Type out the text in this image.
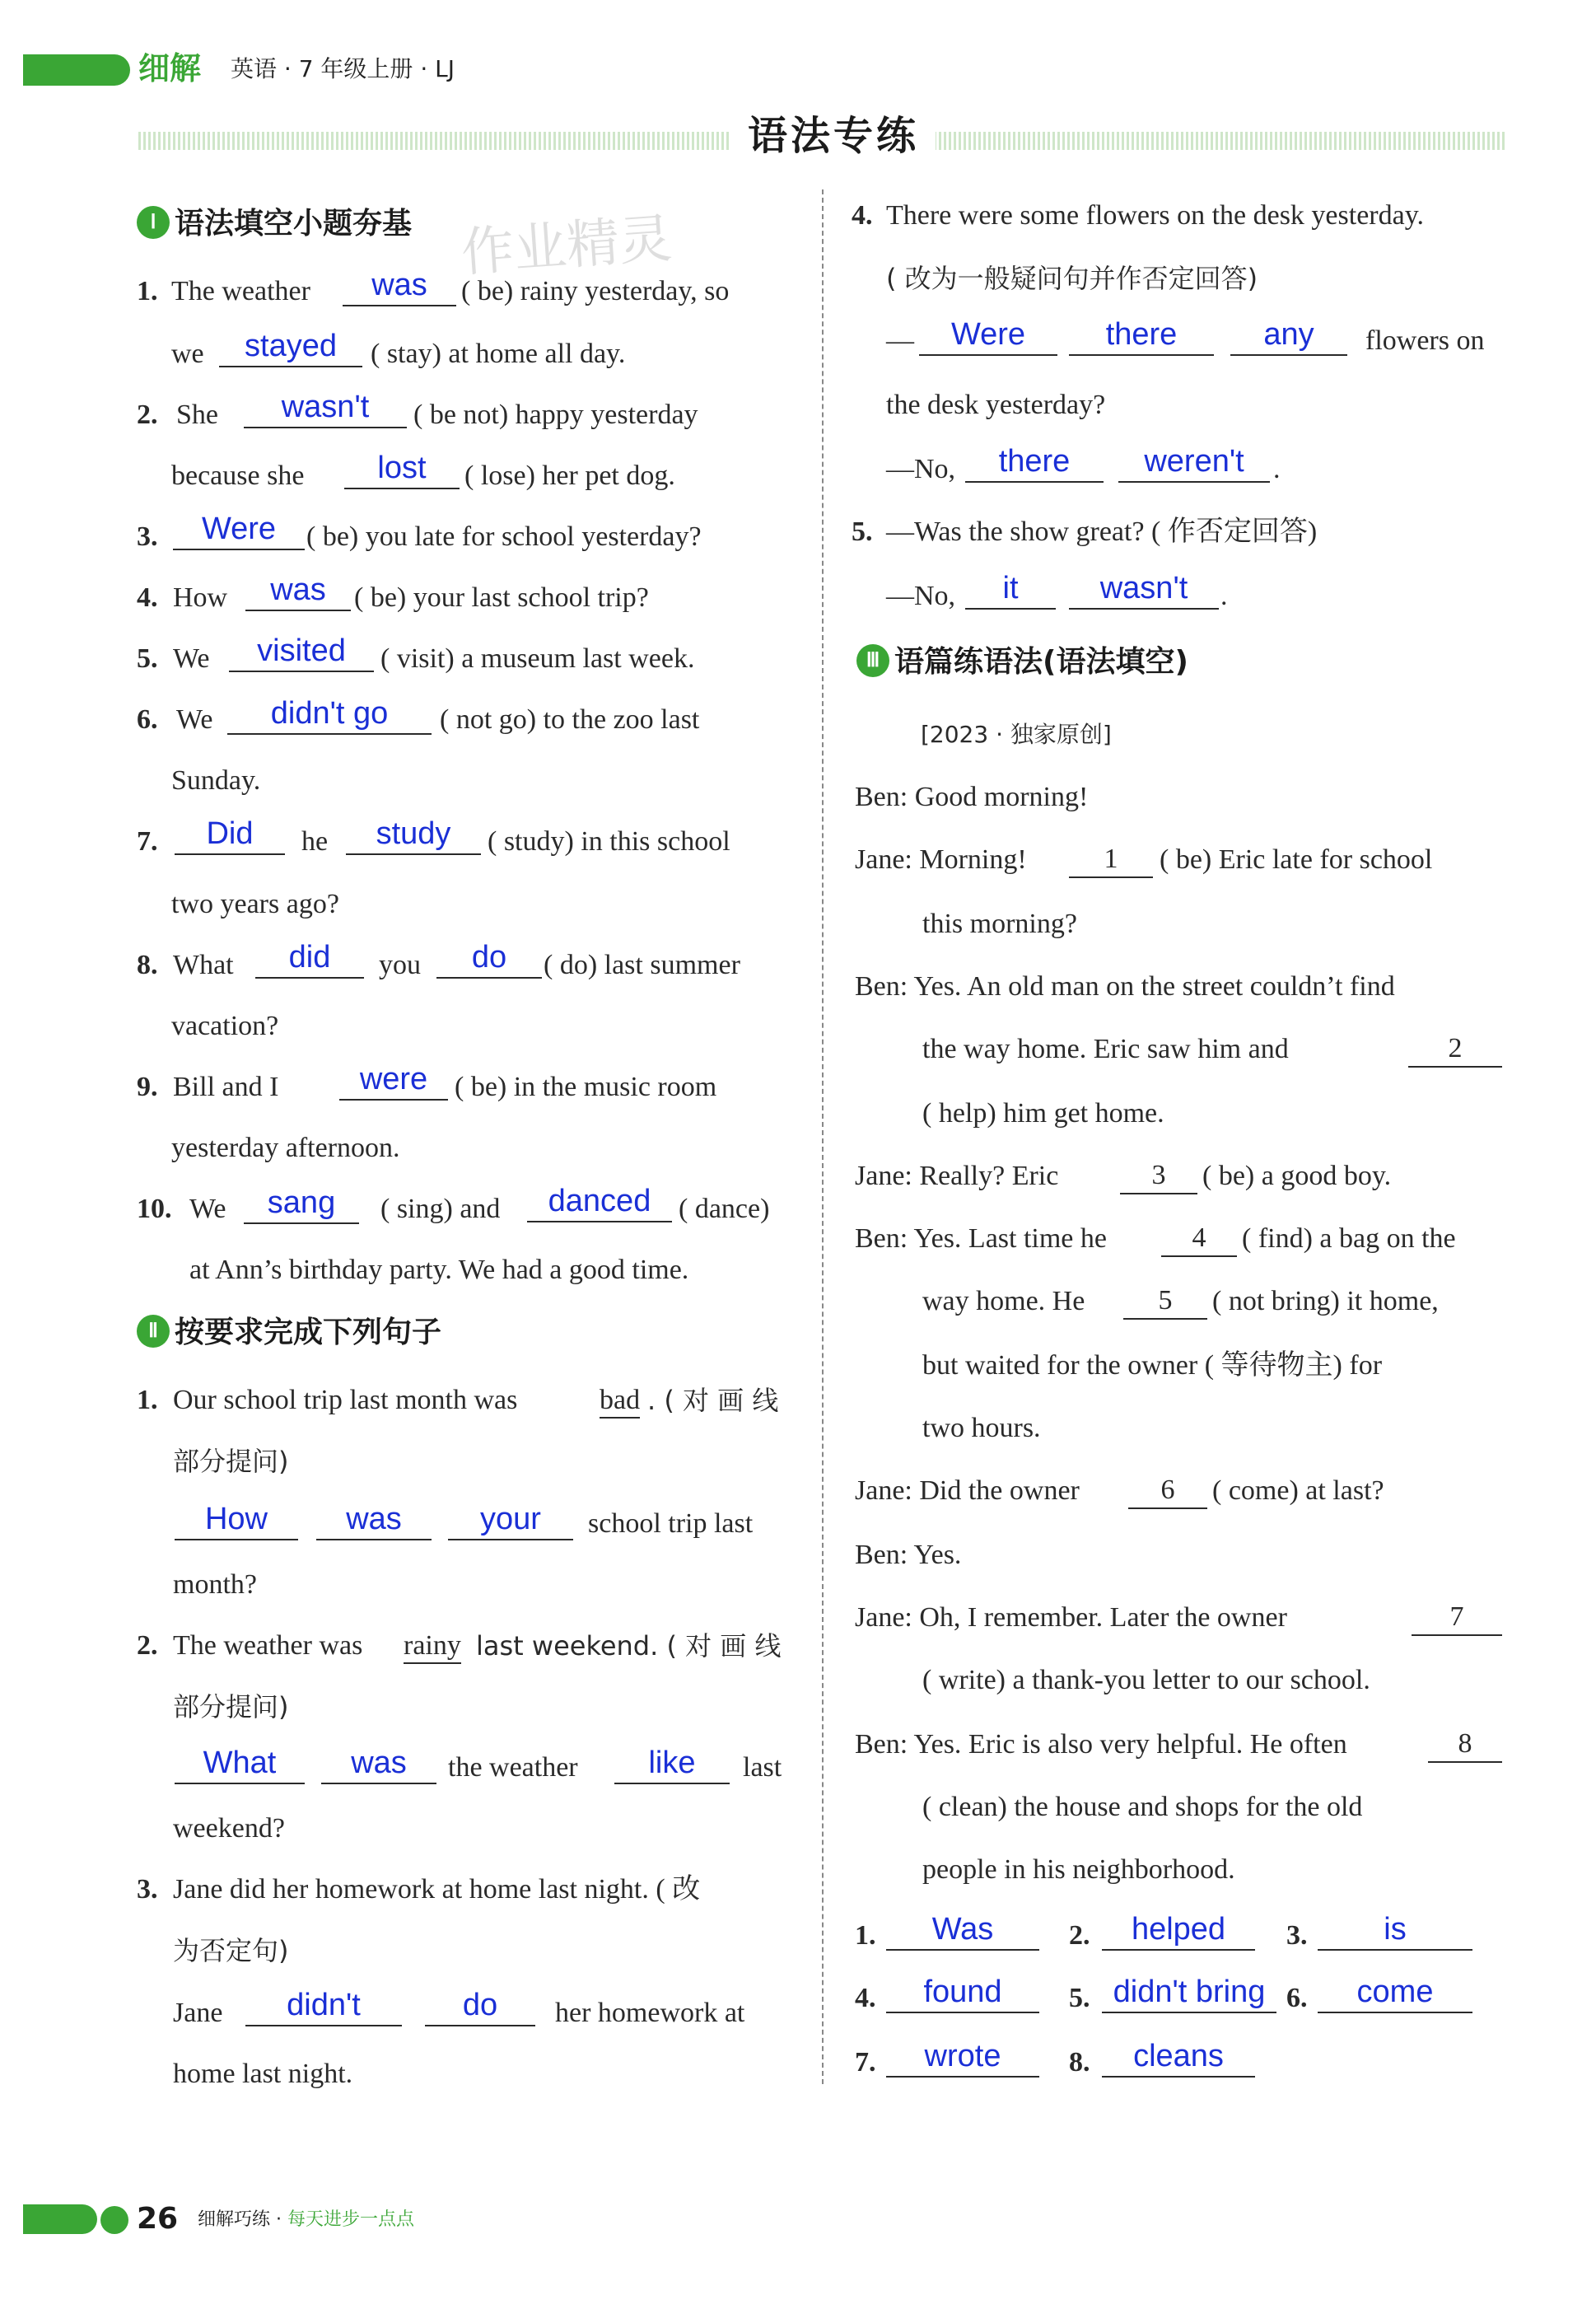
细解 英语 · 7 年级上册 · LJ
语法专练
作业精灵
Ⅰ 语法填空小题夯基
1. The weather	was	( be) rainy yesterday, so
we	stayed	( stay) at home all day.
2. She	wasn't	( be not) happy yesterday
because she	lost	( lose) her pet dog.
3.	Were	( be) you late for school yesterday?
4. How	was	( be) your last school trip?
5. We	visited	( visit) a museum last week.
6. We	didn't go	( not go) to the zoo last
Sunday.
7.	Did	he	study	( study) in this school
two years ago?
8. What	did	you	do	( do) last summer
vacation?
9. Bill and I	were ( be) in the music room
yesterday afternoon.
10. We	sang	( sing) and	danced ( dance)
at Ann’s birthday party. We had a good time.
Ⅱ 按要求完成下列句子
1. Our school trip last month was	bad . ( 对 画 线
部分提问)
How	was	your	school trip last
month?
2. The weather was rainy last weekend. ( 对 画 线
部分提问)
What	was	the weather	like	last
weekend?
3. Jane did her homework at home last night. ( 改
为否定句)
Jane	didn't	do	her homework at
home last night.
4. There were some flowers on the desk yesterday.
( 改为一般疑问句并作否定回答)
—	Were	there	any	flowers on
the desk yesterday?
—No,	there	weren't	.
5. —Was the show great? ( 作否定回答)
—No,	it	wasn't	.
Ⅲ 语篇练语法(语法填空)
[2023 · 独家原创]
Ben: Good morning!
Jane: Morning!	1	( be) Eric late for school
this morning?
Ben: Yes. An old man on the street couldn’t find
the way home. Eric saw him and	2
( help) him get home.
Jane: Really? Eric	3	( be) a good boy.
Ben: Yes. Last time he	4	( find) a bag on the
way home. He	5	( not bring) it home,
but waited for the owner ( 等待物主) for
two hours.
Jane: Did the owner	6	( come) at last?
Ben: Yes.
Jane: Oh, I remember. Later the owner	7
( write) a thank-you letter to our school.
Ben: Yes. Eric is also very helpful. He often	8
( clean) the house and shops for the old
people in his neighborhood.
1.	Was	2.	helped	3.	is
4.	found	5. didn't bring 6.	come
7.	wrote	8.	cleans
26 细解巧练 · 每天进步一点点
